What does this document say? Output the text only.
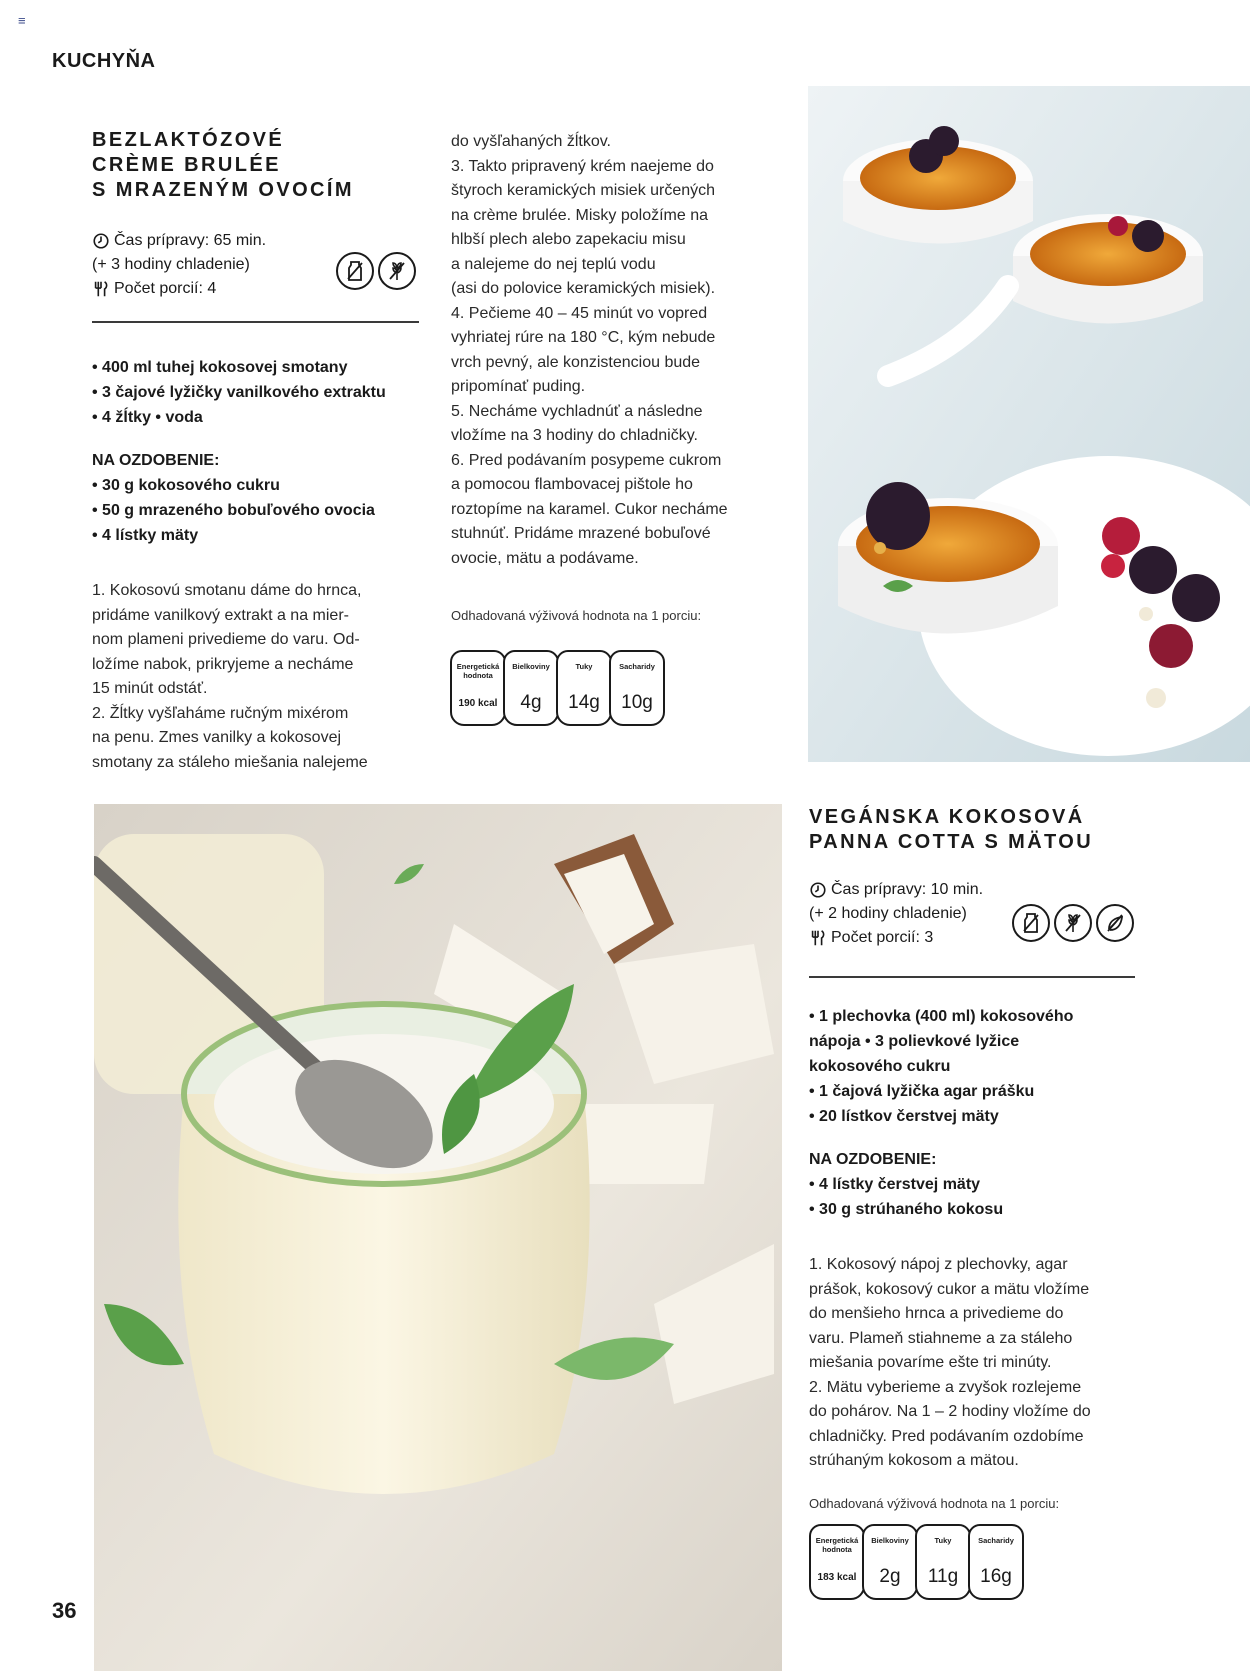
≡
KUCHYŇA
BEZLAKTÓZOVÉ
CRÈME BRULÉE
S MRAZENÝM OVOCÍM
Čas prípravy: 65 min.
(+ 3 hodiny chladenie)
Počet porcií: 4
• 400 ml tuhej kokosovej smotany
• 3 čajové lyžičky vanilkového extraktu
• 4 žĺtky • voda
NA OZDOBENIE:
• 30 g kokosového cukru
• 50 g mrazeného bobuľového ovocia
• 4 lístky mäty
1. Kokosovú smotanu dáme do hrnca,
pridáme vanilkový extrakt a na mier-
nom plameni privedieme do varu. Od-
ložíme nabok, prikryjeme a necháme
15 minút odstáť.
2. Žĺtky vyšľaháme ručným mixérom
na penu. Zmes vanilky a kokosovej
smotany za stáleho miešania nalejeme
do vyšľahaných žĺtkov.
3. Takto pripravený krém naejeme do
štyroch keramických misiek určených
na crème brulée. Misky položíme na
hlbší plech alebo zapekaciu misu
a nalejeme do nej teplú vodu
(asi do polovice keramických misiek).
4. Pečieme 40 – 45 minút vo vopred
vyhriatej rúre na 180 °C, kým nebude
vrch pevný, ale konzistenciou bude
pripomínať puding.
5. Necháme vychladnúť a následne
vložíme na 3 hodiny do chladničky.
6. Pred podávaním posypeme cukrom
a pomocou flambovacej pištole ho
roztopíme na karamel. Cukor necháme
stuhnúť. Pridáme mrazené bobuľové
ovocie, mätu a podávame.
Odhadovaná výživová hodnota na 1 porciu:
Energetická hodnota
190 kcal
Bielkoviny
4g
Tuky
14g
Sacharidy
10g
VEGÁNSKA KOKOSOVÁ
PANNA COTTA S MÄTOU
Čas prípravy: 10 min.
(+ 2 hodiny chladenie)
Počet porcií: 3
• 1 plechovka (400 ml) kokosového
nápoja • 3 polievkové lyžice
kokosového cukru
• 1 čajová lyžička agar prášku
• 20 lístkov čerstvej mäty
NA OZDOBENIE:
• 4 lístky čerstvej mäty
• 30 g strúhaného kokosu
1. Kokosový nápoj z plechovky, agar
prášok, kokosový cukor a mätu vložíme
do menšieho hrnca a privedieme do
varu. Plameň stiahneme a za stáleho
miešania povaríme ešte tri minúty.
2. Mätu vyberieme a zvyšok rozlejeme
do pohárov. Na 1 – 2 hodiny vložíme do
chladničky. Pred podávaním ozdobíme
strúhaným kokosom a mätou.
Odhadovaná výživová hodnota na 1 porciu:
Energetická hodnota
183 kcal
Bielkoviny
2g
Tuky
11g
Sacharidy
16g
36
